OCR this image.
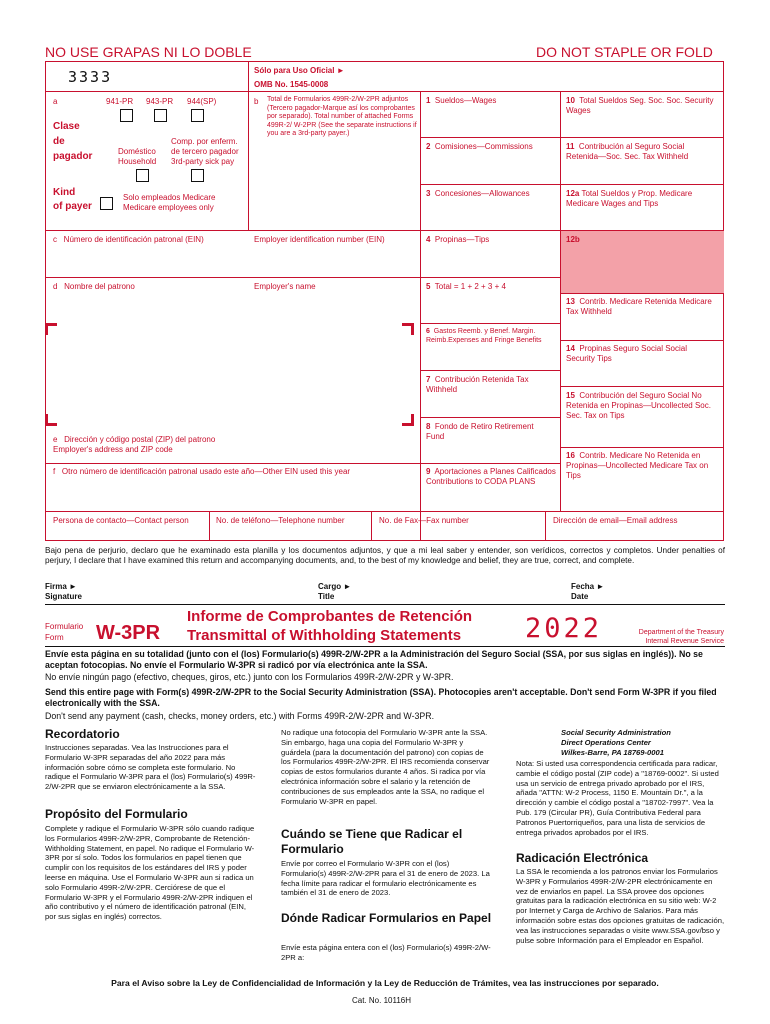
NO USE GRAPAS NI LO DOBLE	DO NOT STAPLE OR FOLD
3333	Sólo para Uso Oficial ►
OMB No. 1545-0008
a	941-PR 943-PR 944(SP)
Clase
de
pagador	Doméstico
Household
Comp. por enferm. de tercero pagador 3rd-party sick pay
Kind
of payer
Solo empleados Medicare Medicare employees only
b Total de Formularios 499R-2/W-2PR adjuntos (Tercero pagador-Marque así los comprobantes por separado). Total number of attached Forms 499R-2/ W-2PR (See the separate instructions if you are a 3rd-party payer.)
1 Sueldos—Wages	10 Total Sueldos Seg. Soc. Soc. Security Wages
2 Comisiones—Commissions	11 Contribución al Seguro Social Retenida—Soc. Sec. Tax Withheld
3 Concesiones—Allowances	12a Total Sueldos y Prop. Medicare Medicare Wages and Tips
4 Propinas—Tips	12b
5 Total = 1 + 2 + 3 + 4
13 Contrib. Medicare Retenida Medicare Tax Withheld
6 Gastos Reemb. y Benef. Margin. Reimb.Expenses and Fringe Benefits
14 Propinas Seguro Social Social Security Tips
7 Contribución Retenida Tax Withheld
15 Contribución del Seguro Social No Retenida en Propinas—Uncollected Soc. Sec. Tax on Tips
8 Fondo de Retiro Retirement Fund
16 Contrib. Medicare No Retenida en Propinas—Uncollected Medicare Tax on Tips
9 Aportaciones a Planes Calificados Contributions to CODA PLANS
c Número de identificación patronal (EIN)	Employer identification number (EIN)
d Nombre del patrono	Employer's name
e Dirección y código postal (ZIP) del patrono Employer's address and ZIP code
f Otro número de identificación patronal usado este año—Other EIN used this year
Persona de contacto—Contact person	No. de teléfono—Telephone number	No. de Fax—Fax number	Dirección de email—Email address
Bajo pena de perjurio, declaro que he examinado esta planilla y los documentos adjuntos, y que a mi leal saber y entender, son verídicos, correctos y completos. Under penalties of perjury, I declare that I have examined this return and accompanying documents, and, to the best of my knowledge and belief, they are true, correct, and complete.
Firma ►
Signature
Cargo ►
Title
Fecha ►
Date
Formulario
Form	W-3PR
Informe de Comprobantes de Retención
Transmittal of Withholding Statements	2022	Department of the Treasury
Internal Revenue Service
Envíe esta página en su totalidad (junto con el (los) Formulario(s) 499R-2/W-2PR a la Administración del Seguro Social (SSA, por sus siglas en inglés)). No se aceptan fotocopias. No envíe el Formulario W-3PR si radicó por vía electrónica ante la SSA.
No envíe ningún pago (efectivo, cheques, giros, etc.) junto con los Formularios 499R-2/W-2PR y W-3PR.
Send this entire page with Form(s) 499R-2/W-2PR to the Social Security Administration (SSA). Photocopies aren't acceptable. Don't send Form W-3PR if you filed electronically with the SSA.
Don't send any payment (cash, checks, money orders, etc.) with Forms 499R-2/W-2PR and W-3PR.
Recordatorio
Instrucciones separadas. Vea las Instrucciones para el Formulario W-3PR separadas del año 2022 para más información sobre cómo se completa este formulario. No radique el Formulario W-3PR para el (los) Formulario(s) 499R-2/W-2PR que se enviaron electrónicamente a la SSA.
Propósito del Formulario
Complete y radique el Formulario W-3PR sólo cuando radique los Formularios 499R-2/W-2PR, Comprobante de Retención-Withholding Statement, en papel. No radique el Formulario W-3PR por sí solo. Todos los formularios en papel tienen que cumplir con los requisitos de los estándares del IRS y poder leerse en máquina. Use el Formulario W-3PR aun si radica un solo Formulario 499R-2/W-2PR. Cerciórese de que el Formulario W-3PR y el Formulario 499R-2/W-2PR indiquen el año contributivo y el número de identificación patronal (EIN, por sus siglas en inglés) correctos.
No radique una fotocopia del Formulario W-3PR ante la SSA. Sin embargo, haga una copia del Formulario W-3PR y guárdela (para la documentación del patrono) con copias de los Formularios 499R-2/W-2PR. El IRS recomienda conservar copias de estos formularios durante 4 años. Si radica por vía electrónica información sobre el salario y la retención de contribuciones de sus empleados ante la SSA, no radique el Formulario W-3PR en papel.
Cuándo se Tiene que Radicar el Formulario
Envíe por correo el Formulario W-3PR con el (los) Formulario(s) 499R-2/W-2PR para el 31 de enero de 2023. La fecha límite para radicar el formulario electrónicamente es también el 31 de enero de 2023.
Dónde Radicar Formularios en Papel
Envíe esta página entera con el (los) Formulario(s) 499R-2/W-2PR a:
Social Security Administration
Direct Operations Center
Wilkes-Barre, PA 18769-0001
Nota: Si usted usa correspondencia certificada para radicar, cambie el código postal (ZIP code) a "18769-0002". Si usted usa un servicio de entrega privado aprobado por el IRS, añada "ATTN: W-2 Process, 1150 E. Mountain Dr.", a la dirección y cambie el código postal a "18702-7997". Vea la Pub. 179 (Circular PR), Guía Contributiva Federal para Patronos Puertorriqueños, para una lista de servicios de entrega privados aprobados por el IRS.
Radicación Electrónica
La SSA le recomienda a los patronos enviar los Formularios W-3PR y Formularios 499R-2/W-2PR electrónicamente en vez de enviarlos en papel. La SSA provee dos opciones gratuitas para la radicación electrónica en su sitio web: W-2 por Internet y Carga de Archivo de Salarios. Para más información sobre estas dos opciones gratuitas de radicación, vea las instrucciones separadas o visite www.SSA.gov/bso y pulse sobre Información para el Empleador en Español.
Para el Aviso sobre la Ley de Confidencialidad de Información y la Ley de Reducción de Trámites, vea las instrucciones por separado.
Cat. No. 10116H
